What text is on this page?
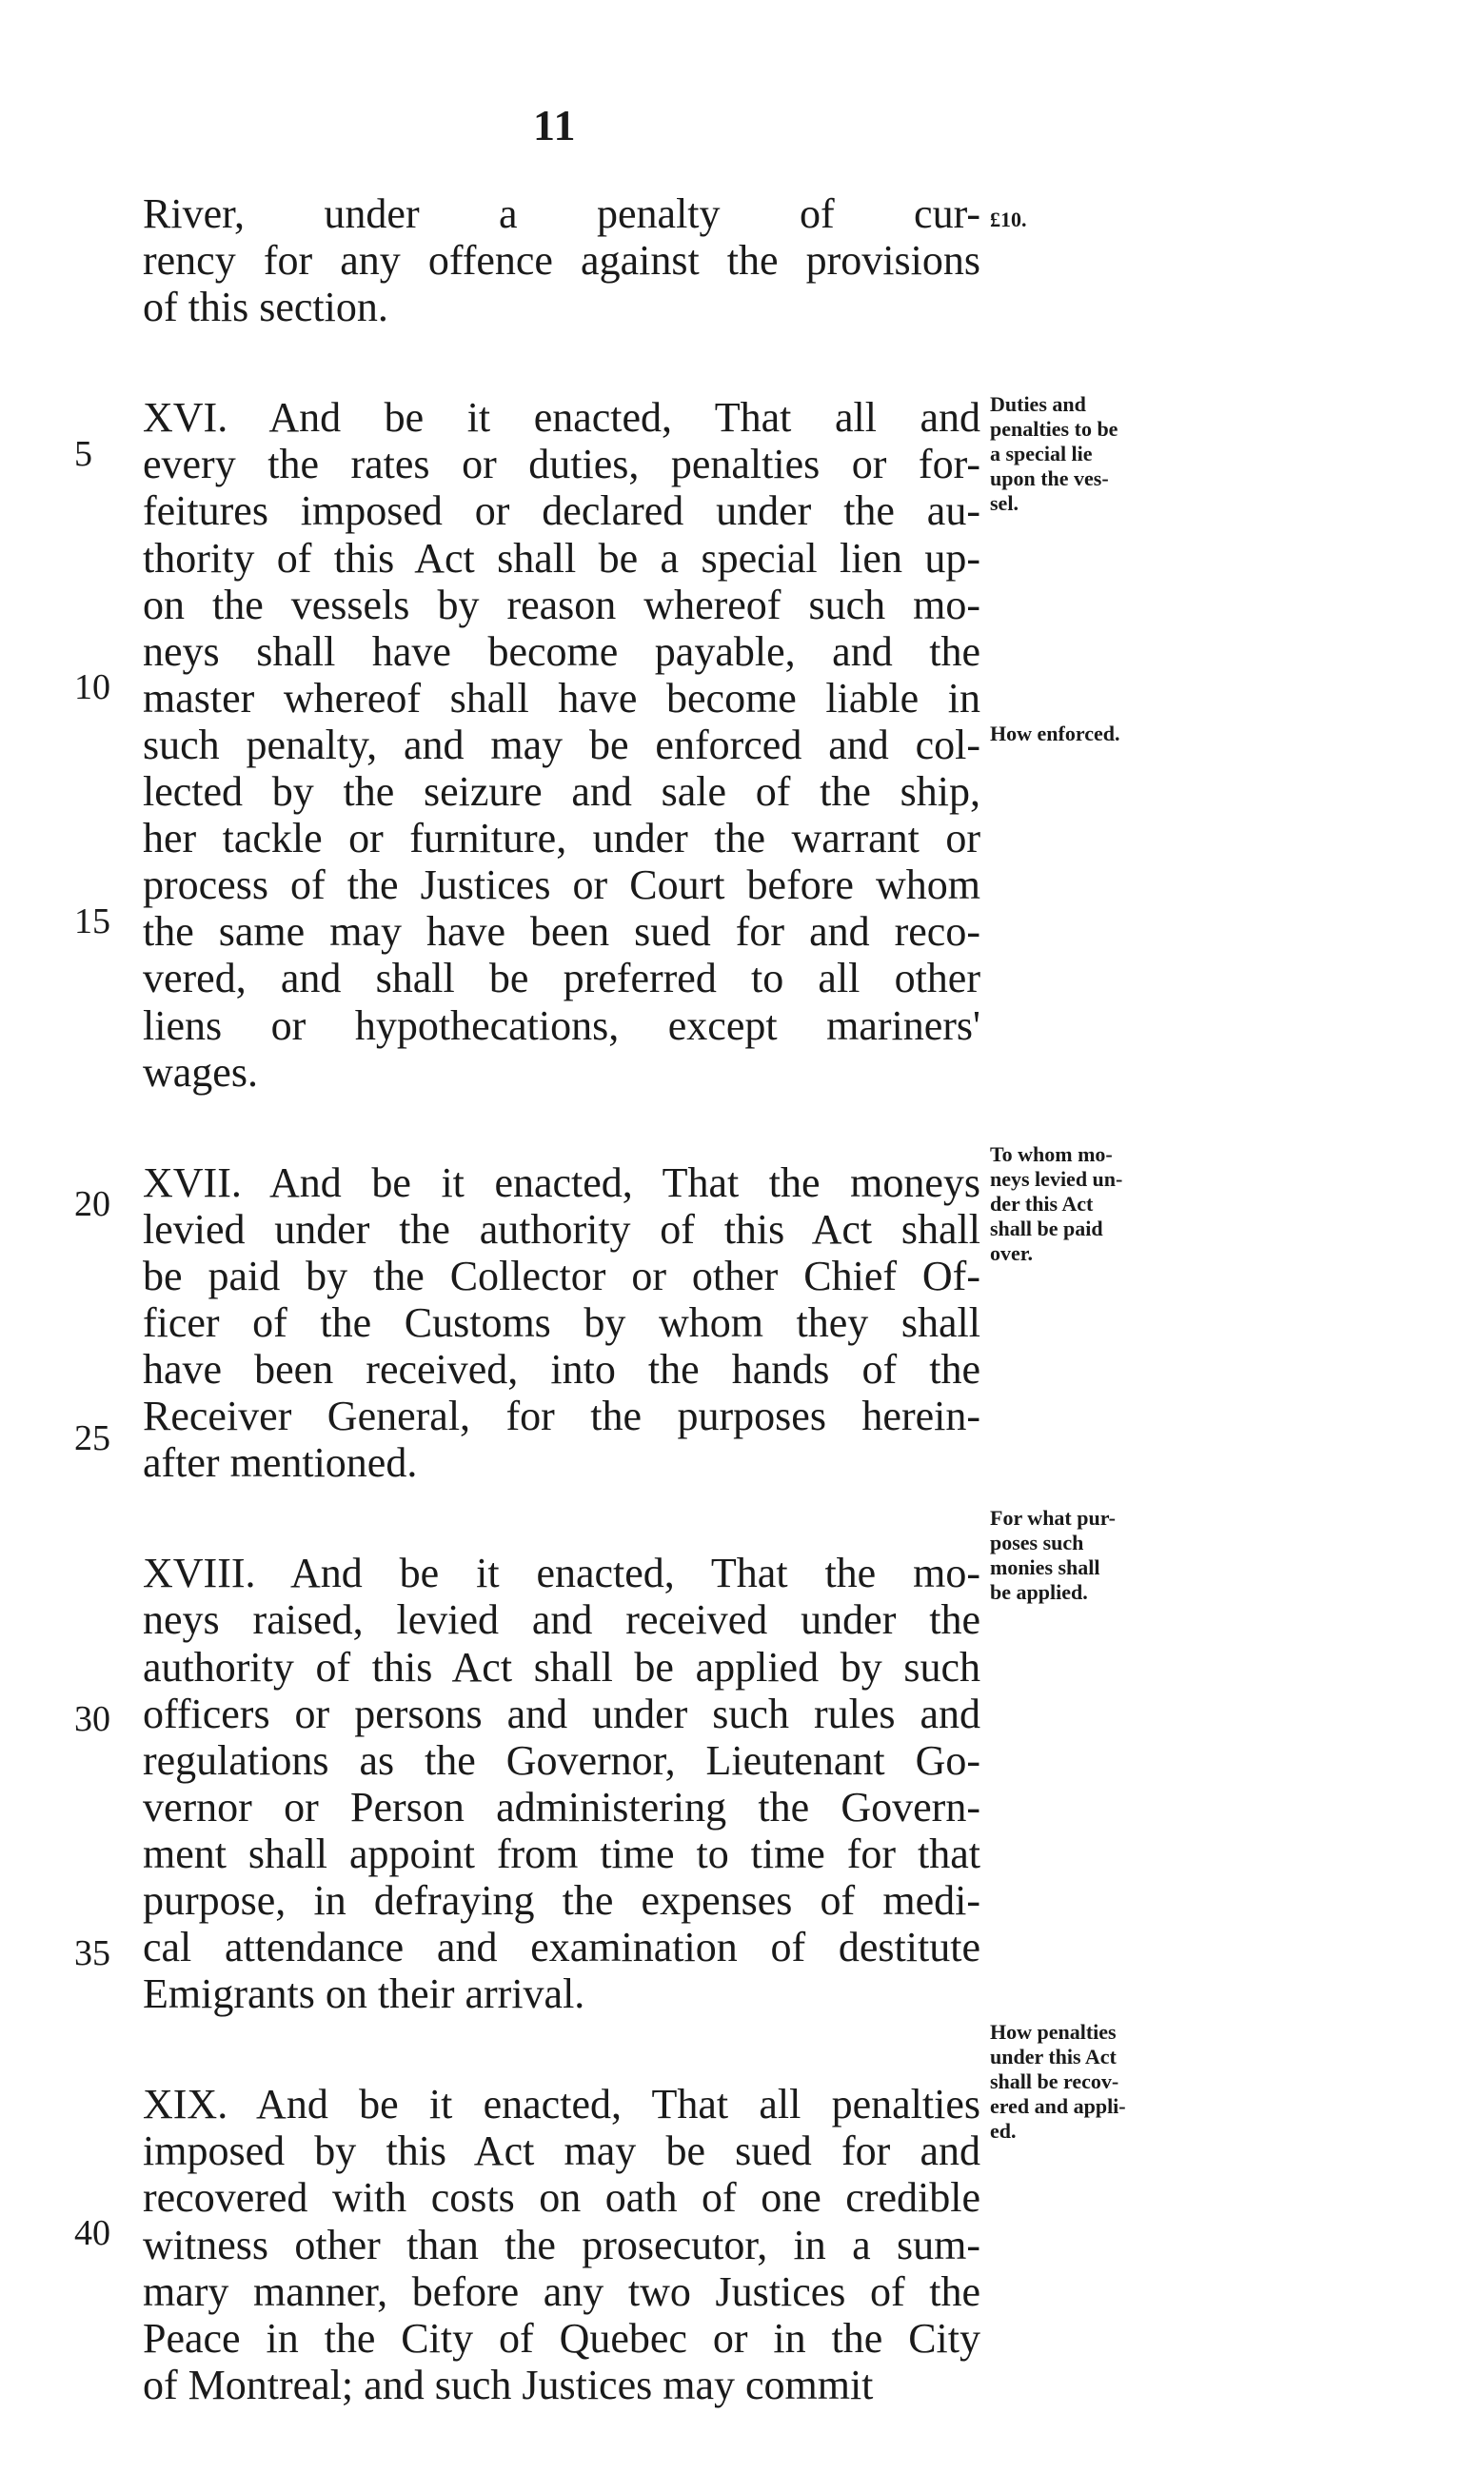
11
River, under a penalty of cur-
rency for any offence against the provisions
of this section.
XVI. And be it enacted, That all and
every the rates or duties, penalties or for-
feitures imposed or declared under the au-
thority of this Act shall be a special lien up-
on the vessels by reason whereof such mo-
neys shall have become payable, and the
master whereof shall have become liable in
such penalty, and may be enforced and col-
lected by the seizure and sale of the ship,
her tackle or furniture, under the warrant or
process of the Justices or Court before whom
the same may have been sued for and reco-
vered, and shall be preferred to all other
liens or hypothecations, except mariners'
wages.
XVII. And be it enacted, That the moneys
levied under the authority of this Act shall
be paid by the Collector or other Chief Of-
ficer of the Customs by whom they shall
have been received, into the hands of the
Receiver General, for the purposes herein-
after mentioned.
XVIII. And be it enacted, That the mo-
neys raised, levied and received under the
authority of this Act shall be applied by such
officers or persons and under such rules and
regulations as the Governor, Lieutenant Go-
vernor or Person administering the Govern-
ment shall appoint from time to time for that
purpose, in defraying the expenses of medi-
cal attendance and examination of destitute
Emigrants on their arrival.
XIX. And be it enacted, That all penalties
imposed by this Act may be sued for and
recovered with costs on oath of one credible
witness other than the prosecutor, in a sum-
mary manner, before any two Justices of the
Peace in the City of Quebec or in the City
of Montreal; and such Justices may commit
5
10
15
20
25
30
35
40
£10.
Duties and
penalties to be
a special lie
upon the ves-
sel.
How enforced.
To whom mo-
neys levied un-
der this Act
shall be paid
over.
For what pur-
poses such
monies shall
be applied.
How penalties
under this Act
shall be recov-
ered and appli-
ed.
